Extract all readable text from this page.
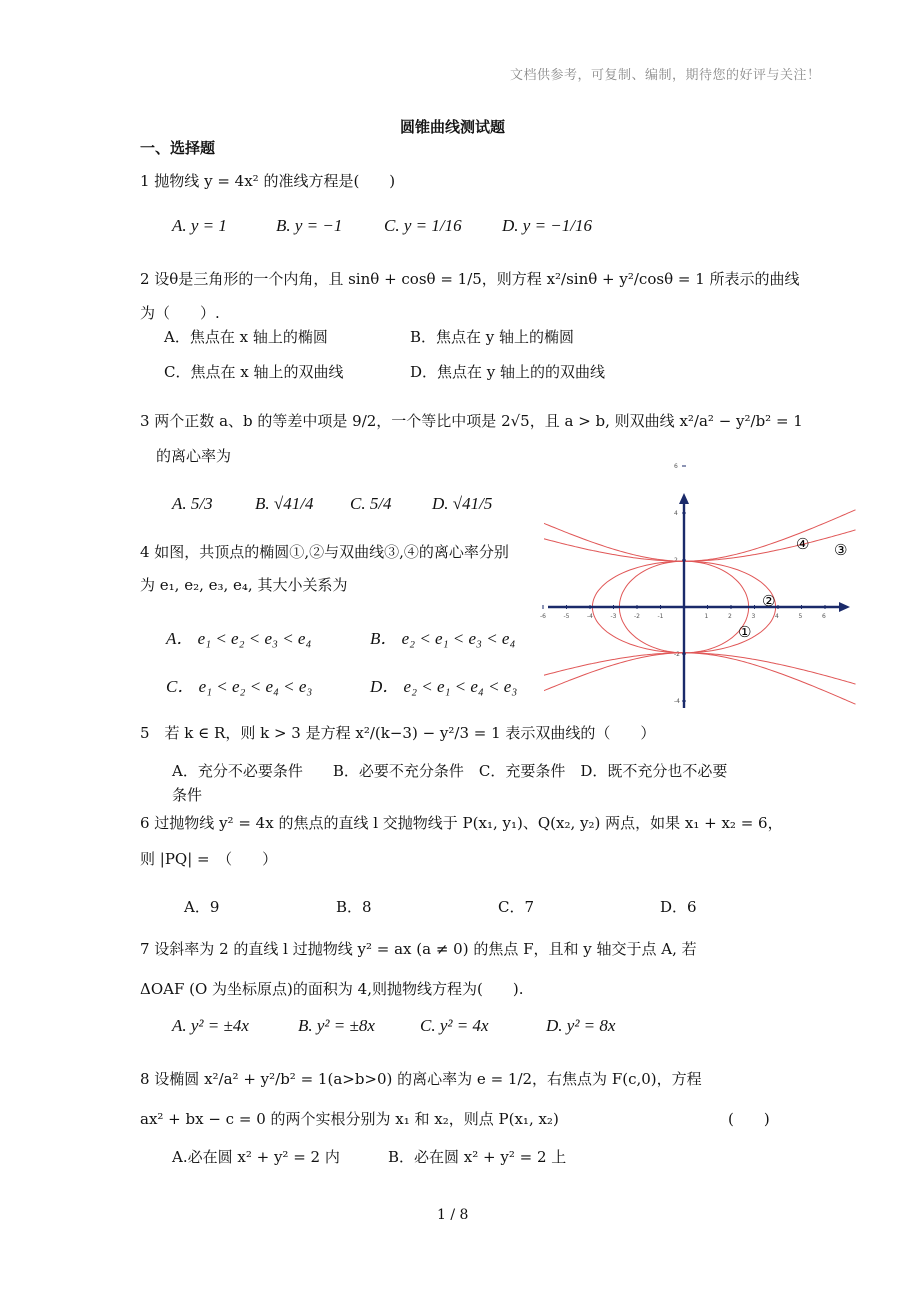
文档供参考，可复制、编制，期待您的好评与关注！
圆锥曲线测试题
一、选择题
1 抛物线 y = 4x² 的准线方程是(　　)
A. y = 1	B. y = −1 C. y = 1/16 D. y = −1/16
2 设θ是三角形的一个内角，且 sinθ + cosθ = 1/5，则方程 x²/sinθ + y²/cosθ = 1 所表示的曲线
为（　　）.
A．焦点在 x 轴上的椭圆	B．焦点在 y 轴上的椭圆
C．焦点在 x 轴上的双曲线	D．焦点在 y 轴上的的双曲线
3 两个正数 a、b 的等差中项是 9/2，一个等比中项是 2√5，且 a > b, 则双曲线 x²/a² − y²/b² = 1
的离心率为
A. 5/3 B. √41/4 C. 5/4 D. √41/5
4 如图，共顶点的椭圆①,②与双曲线③,④的离心率分别
为 e₁, e₂, e₃, e₄, 其大小关系为
A． e₁ < e₂ < e₃ < e₄	B． e₂ < e₁ < e₃ < e₄
C． e₁ < e₂ < e₄ < e₃	D． e₂ < e₁ < e₄ < e₃
-6	-5	-4	-3	-2	-1	1	2	3	4	5	6
6
4
2
-2
-4
④ ③
②
①
5　若 k ∈ R，则 k > 3 是方程 x²/(k−3) − y²/3 = 1 表示双曲线的（　　）
A．充分不必要条件　　B．必要不充分条件　C．充要条件　D．既不充分也不必要
条件
6 过抛物线 y² = 4x 的焦点的直线 l 交抛物线于 P(x₁, y₁)、Q(x₂, y₂) 两点，如果 x₁ + x₂ = 6，
则 |PQ| =　（　　）
A．9	B．8	C．7	D．6
7 设斜率为 2 的直线 l 过抛物线 y² = ax (a ≠ 0) 的焦点 F，且和 y 轴交于点 A, 若
ΔOAF (O 为坐标原点)的面积为 4,则抛物线方程为(　　).
A. y² = ±4x	B. y² = ±8x	C. y² = 4x	D. y² = 8x
8 设椭圆 x²/a² + y²/b² = 1(a>b>0) 的离心率为 e = 1/2，右焦点为 F(c,0)，方程
ax² + bx − c = 0 的两个实根分别为 x₁ 和 x₂，则点 P(x₁, x₂)	(　　)
A.必在圆 x² + y² = 2 内	B．必在圆 x² + y² = 2 上
1 / 8
